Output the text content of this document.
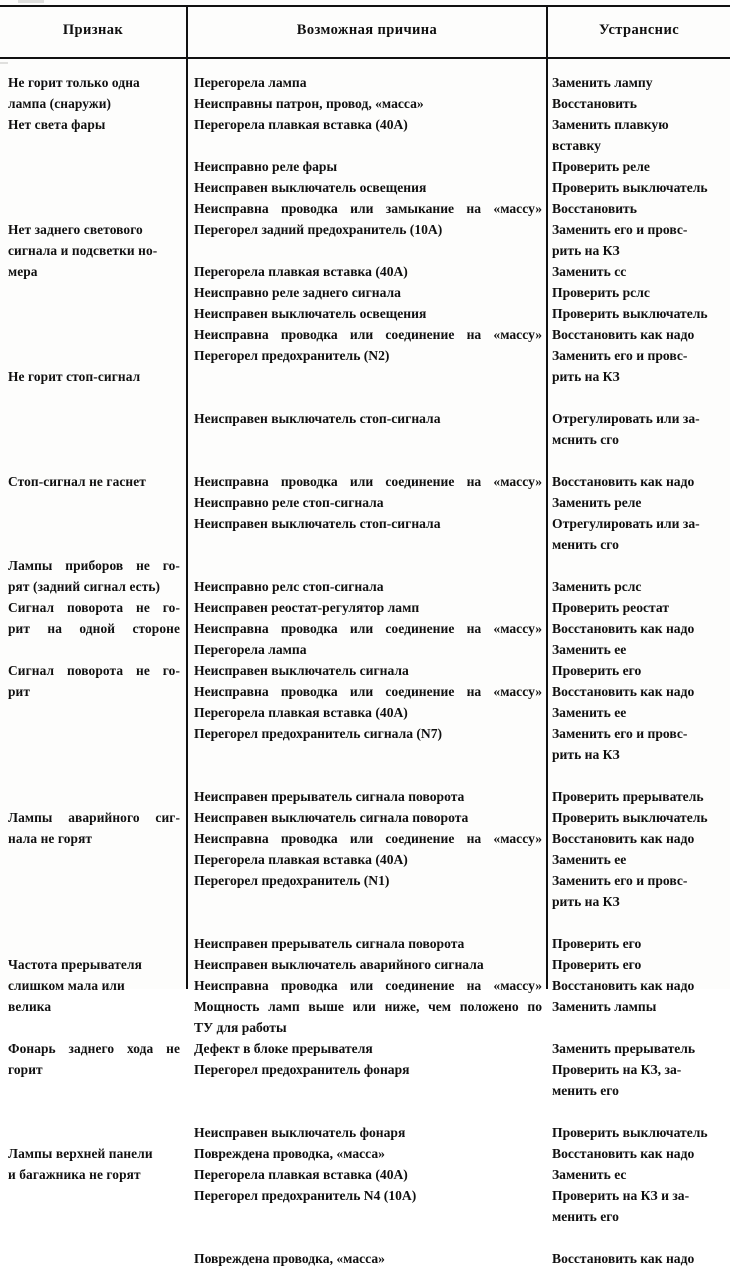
Признак	Возможная причина	Устранснис
Не горит только одна
лампа (снаружи)
Нет света фары
Нет заднего светового
сигнала и подсветки но-
мера
Не горит стоп-сигнал
Стоп-сигнал не гаснет
Лампы приборов не го-
рят (задний сигнал есть)
Сигнал поворота не го-
рит на одной стороне
Сигнал поворота не го-
рит
Лампы аварийного сиг-
нала не горят
Частота прерывателя
слишком мала или
велика
Фонарь заднего хода не
горит
Лампы верхней панели
и багажника не горят
Перегорела лампа
Неисправны патрон, провод, «масса»
Перегорела плавкая вставка (40А)
Неисправно реле фары
Неисправен выключатель освещения
Неисправна проводка или замыкание на «массу»
Перегорел задний предохранитель (10А)
Перегорела плавкая вставка (40А)
Неисправно реле заднего сигнала
Неисправен выключатель освещения
Неисправна проводка или соединение на «массу»
Перегорел предохранитель (N2)
Неисправен выключатель стоп-сигнала
Неисправна проводка или соединение на «массу»
Неисправно реле стоп-сигнала
Неисправен выключатель стоп-сигнала
Неисправно релс стоп-сигнала
Неисправен реостат-регулятор ламп
Неисправна проводка или соединение на «массу»
Перегорела лампа
Неисправен выключатель сигнала
Неисправна проводка или соединение на «массу»
Перегорела плавкая вставка (40А)
Перегорел предохранитель сигнала (N7)
Неисправен прерыватель сигнала поворота
Неисправен выключатель сигнала поворота
Неисправна проводка или соединение на «массу»
Перегорела плавкая вставка (40А)
Перегорел предохранитель (N1)
Неисправен прерыватель сигнала поворота
Неисправен выключатель аварийного сигнала
Неисправна проводка или соединение на «массу»
Мощность ламп выше или ниже, чем положено по
ТУ для работы
Дефект в блоке прерывателя
Перегорел предохранитель фонаря
Неисправен выключатель фонаря
Повреждена проводка, «масса»
Перегорела плавкая вставка (40А)
Перегорел предохранитель N4 (10А)
Повреждена проводка, «масса»
Заменить лампу
Восстановить
Заменить плавкую
вставку
Проверить реле
Проверить выключатель
Восстановить
Заменить его и провс-
рить на КЗ
Заменить сс
Проверить рслс
Проверить выключатель
Восстановить как надо
Заменить его и провс-
рить на КЗ
Отрегулировать или за-
мснить сго
Восстановить как надо
Заменить реле
Отрегулировать или за-
менить сго
Заменить рслс
Проверить реостат
Восстановить как надо
Заменить ее
Проверить его
Восстановить как надо
Заменить ее
Заменить его и провс-
рить на КЗ
Проверить прерыватель
Проверить выключатель
Восстановить как надо
Заменить ее
Заменить его и провс-
рить на КЗ
Проверить его
Проверить его
Восстановить как надо
Заменить лампы
Заменить прерыватель
Проверить на КЗ, за-
менить его
Проверить выключатель
Восстановить как надо
Заменить ес
Проверить на КЗ и за-
менить его
Восстановить как надо
